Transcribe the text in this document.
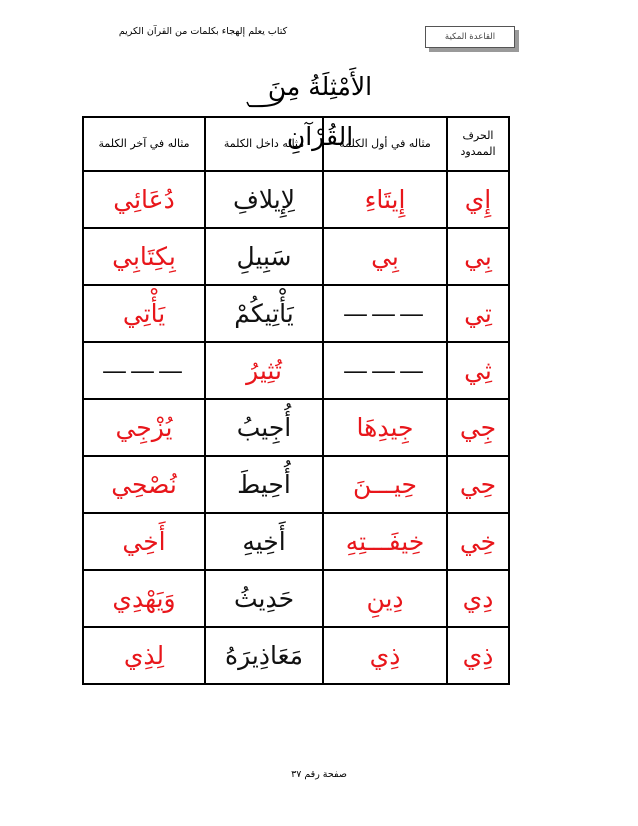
كتاب يعلم إلهجاء بكلمات من القرآن الكريم	القاعدة المكية
الأَمْثِلَةُ مِنَ القُرْآنِ	الحرف الممدود	مثاله في أول الكلمة	مثاله داخل الكلمة	مثاله في آخر الكلمة
إِي	إِيتَاءِ	لِإِيلافِ	دُعَائِي
بِي	بِي	سَبِيلِ	بِكِتَابِي
تِي	———	يَأْتِيكُمْ	يَأْتِي
ثِي	———	تُثِيرُ	———
جِي	جِيدِهَا	أُجِيبُ	يُزْجِي
حِي	حِيـــنَ	أُحِيطَ	نُصْحِي
خِي	خِيفَـــتِهِ	أَخِيهِ	أَخِي
دِي	دِينِ	حَدِيثُ	وَيَهْدِي
ذِي	ذِي	مَعَاذِيرَهُ	لِذِي
صفحة رقم ٣٧
